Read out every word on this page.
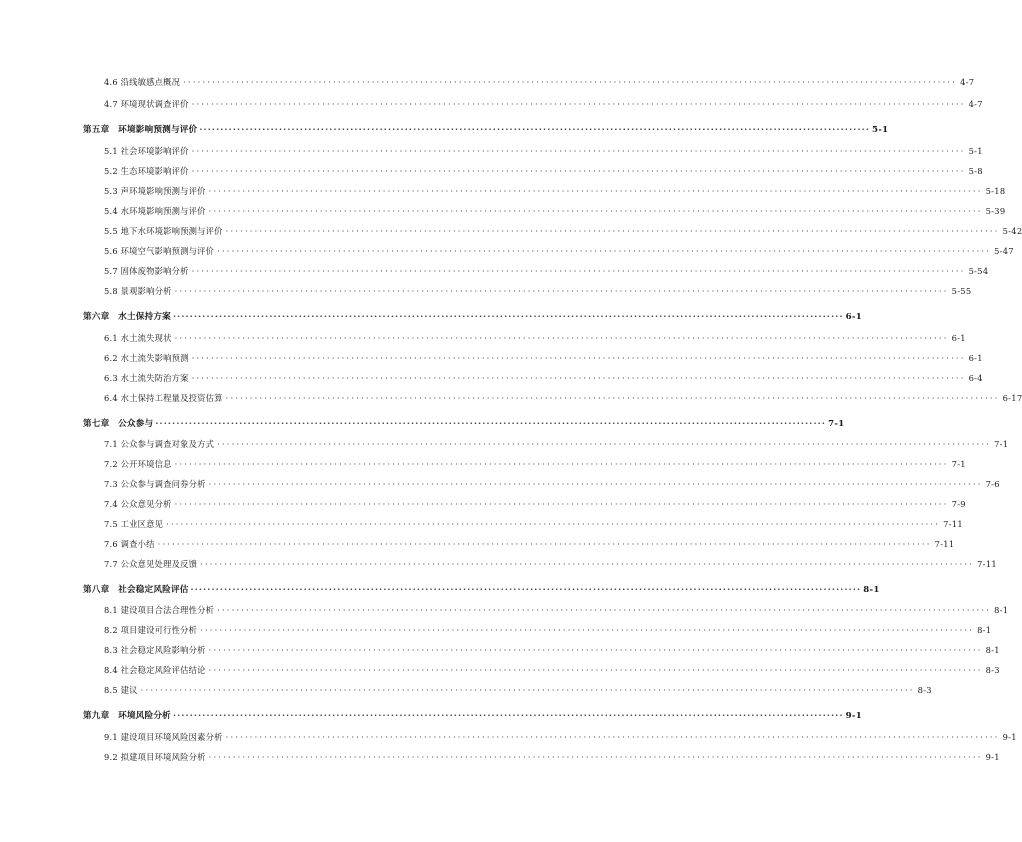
4.6 沿线敏感点概况 ································································································································································ 4-7
4.7 环境现状调查评价 ································································································································································ 4-7
第五章　环境影响预测与评价 ································································································································································ 5-1
5.1 社会环境影响评价 ································································································································································ 5-1
5.2 生态环境影响评价 ································································································································································ 5-8
5.3 声环境影响预测与评价 ································································································································································ 5-18
5.4 水环境影响预测与评价 ································································································································································ 5-39
5.5 地下水环境影响预测与评价 ································································································································································ 5-42
5.6 环境空气影响预测与评价 ································································································································································ 5-47
5.7 固体废物影响分析 ································································································································································ 5-54
5.8 景观影响分析 ································································································································································ 5-55
第六章　水土保持方案 ································································································································································ 6-1
6.1 水土流失现状 ································································································································································ 6-1
6.2 水土流失影响预测 ································································································································································ 6-1
6.3 水土流失防治方案 ································································································································································ 6-4
6.4 水土保持工程量及投资估算 ································································································································································ 6-17
第七章　公众参与 ································································································································································ 7-1
7.1 公众参与调查对象及方式 ································································································································································ 7-1
7.2 公开环境信息 ································································································································································ 7-1
7.3 公众参与调查问券分析 ································································································································································ 7-6
7.4 公众意见分析 ································································································································································ 7-9
7.5 工业区意见 ································································································································································ 7-11
7.6 调查小结 ································································································································································ 7-11
7.7 公众意见处理及反馈 ································································································································································ 7-11
第八章　社会稳定风险评估 ································································································································································ 8-1
8.1 建设项目合法合理性分析 ································································································································································ 8-1
8.2 项目建设可行性分析 ································································································································································ 8-1
8.3 社会稳定风险影响分析 ································································································································································ 8-1
8.4 社会稳定风险评估结论 ································································································································································ 8-3
8.5 建议 ································································································································································ 8-3
第九章　环境风险分析 ································································································································································ 9-1
9.1 建设项目环境风险因素分析 ································································································································································ 9-1
9.2 拟建项目环境风险分析 ································································································································································ 9-1
